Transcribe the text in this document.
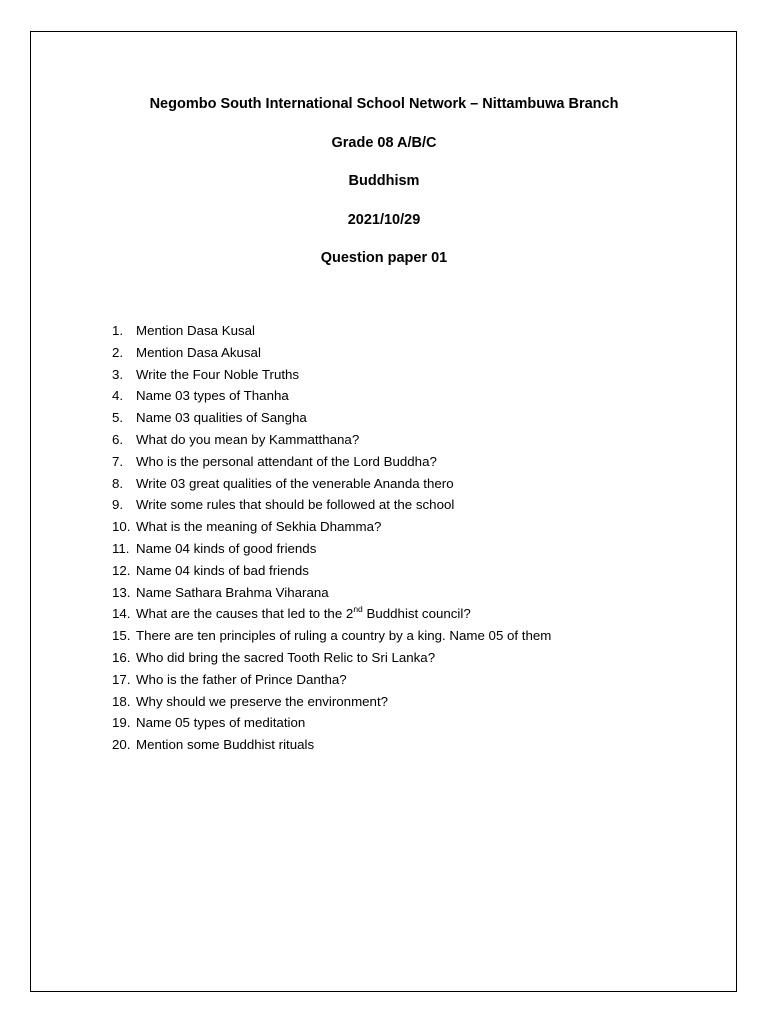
Negombo South International School Network – Nittambuwa Branch
Grade 08 A/B/C
Buddhism
2021/10/29
Question paper 01
1. Mention Dasa Kusal
2. Mention Dasa Akusal
3. Write the Four Noble Truths
4. Name 03 types of Thanha
5. Name 03 qualities of Sangha
6. What do you mean by Kammatthana?
7. Who is the personal attendant of the Lord Buddha?
8. Write 03 great qualities of the venerable Ananda thero
9. Write some rules that should be followed at the school
10. What is the meaning of Sekhia Dhamma?
11. Name 04 kinds of good friends
12. Name 04 kinds of bad friends
13. Name Sathara Brahma Viharana
14. What are the causes that led to the 2nd Buddhist council?
15. There are ten principles of ruling a country by a king. Name 05 of them
16. Who did bring the sacred Tooth Relic to Sri Lanka?
17. Who is the father of Prince Dantha?
18. Why should we preserve the environment?
19. Name 05 types of meditation
20. Mention some Buddhist rituals
